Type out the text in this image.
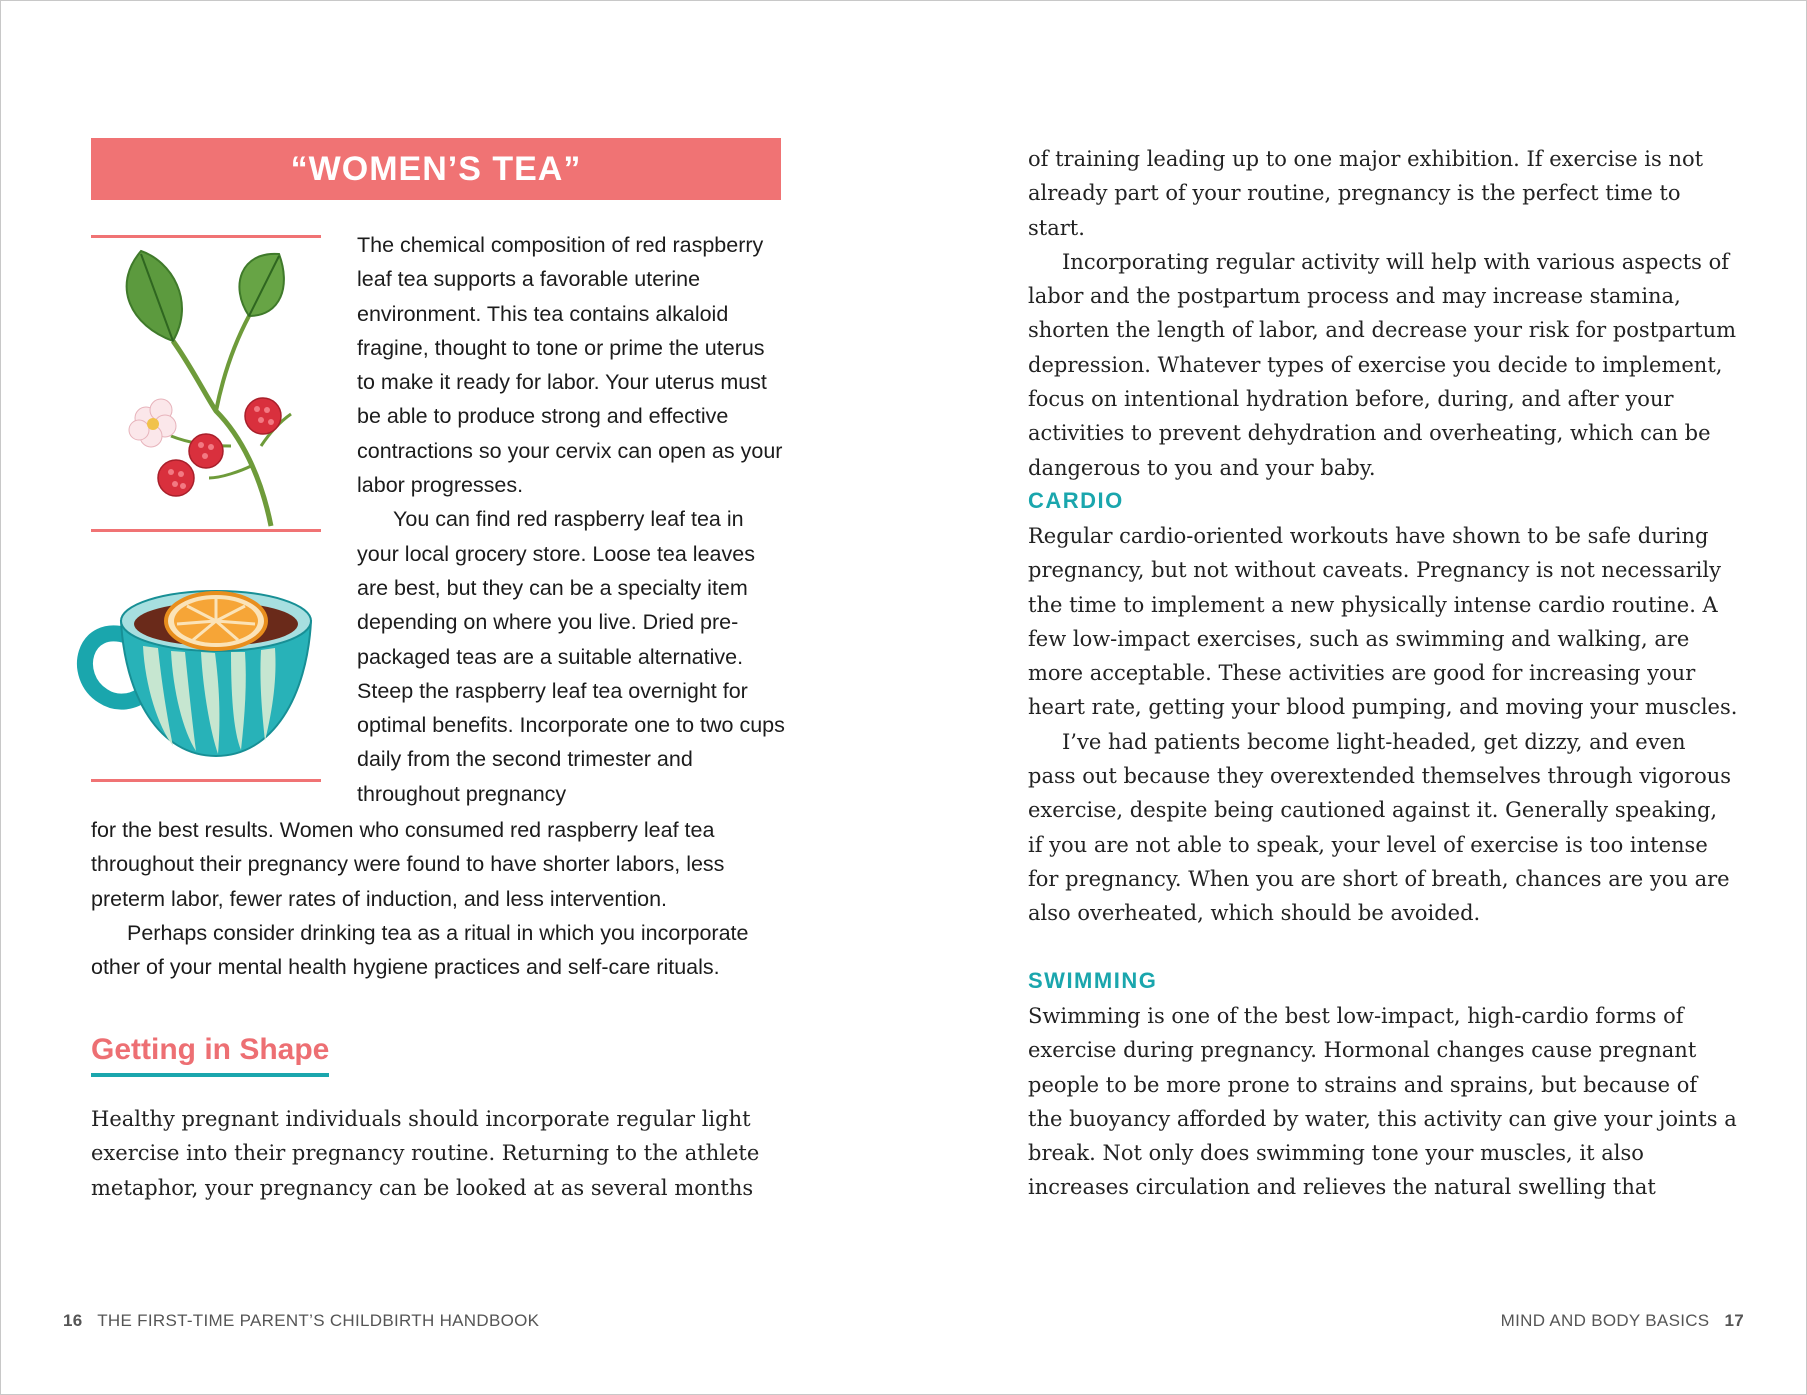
“WOMEN’S TEA”

The chemical composition of red raspberry leaf tea supports a favorable uterine environment. This tea contains alkaloid fragine, thought to tone or prime the uterus to make it ready for labor. Your uterus must be able to produce strong and effective contractions so your cervix can open as your labor progresses.

You can find red raspberry leaf tea in your local grocery store. Loose tea leaves are best, but they can be a specialty item depending on where you live. Dried pre-packaged teas are a suitable alternative. Steep the raspberry leaf tea overnight for optimal benefits. Incorporate one to two cups daily from the second trimester and throughout pregnancy

for the best results. Women who consumed red raspberry leaf tea throughout their pregnancy were found to have shorter labors, less preterm labor, fewer rates of induction, and less intervention.

Perhaps consider drinking tea as a ritual in which you incorporate other of your mental health hygiene practices and self-care rituals.

Getting in Shape

Healthy pregnant individuals should incorporate regular light exercise into their pregnancy routine. Returning to the athlete metaphor, your pregnancy can be looked at as several months

16 THE FIRST-TIME PARENT’S CHILDBIRTH HANDBOOK

of training leading up to one major exhibition. If exercise is not already part of your routine, pregnancy is the perfect time to start.

Incorporating regular activity will help with various aspects of labor and the postpartum process and may increase stamina, shorten the length of labor, and decrease your risk for postpartum depression. Whatever types of exercise you decide to implement, focus on intentional hydration before, during, and after your activities to prevent dehydration and overheating, which can be dangerous to you and your baby.

CARDIO

Regular cardio-oriented workouts have shown to be safe during pregnancy, but not without caveats. Pregnancy is not necessarily the time to implement a new physically intense cardio routine. A few low-impact exercises, such as swimming and walking, are more acceptable. These activities are good for increasing your heart rate, getting your blood pumping, and moving your muscles.

I’ve had patients become light-headed, get dizzy, and even pass out because they overextended themselves through vigorous exercise, despite being cautioned against it. Generally speaking, if you are not able to speak, your level of exercise is too intense for pregnancy. When you are short of breath, chances are you are also overheated, which should be avoided.

SWIMMING

Swimming is one of the best low-impact, high-cardio forms of exercise during pregnancy. Hormonal changes cause pregnant people to be more prone to strains and sprains, but because of the buoyancy afforded by water, this activity can give your joints a break. Not only does swimming tone your muscles, it also increases circulation and relieves the natural swelling that

MIND AND BODY BASICS 17
